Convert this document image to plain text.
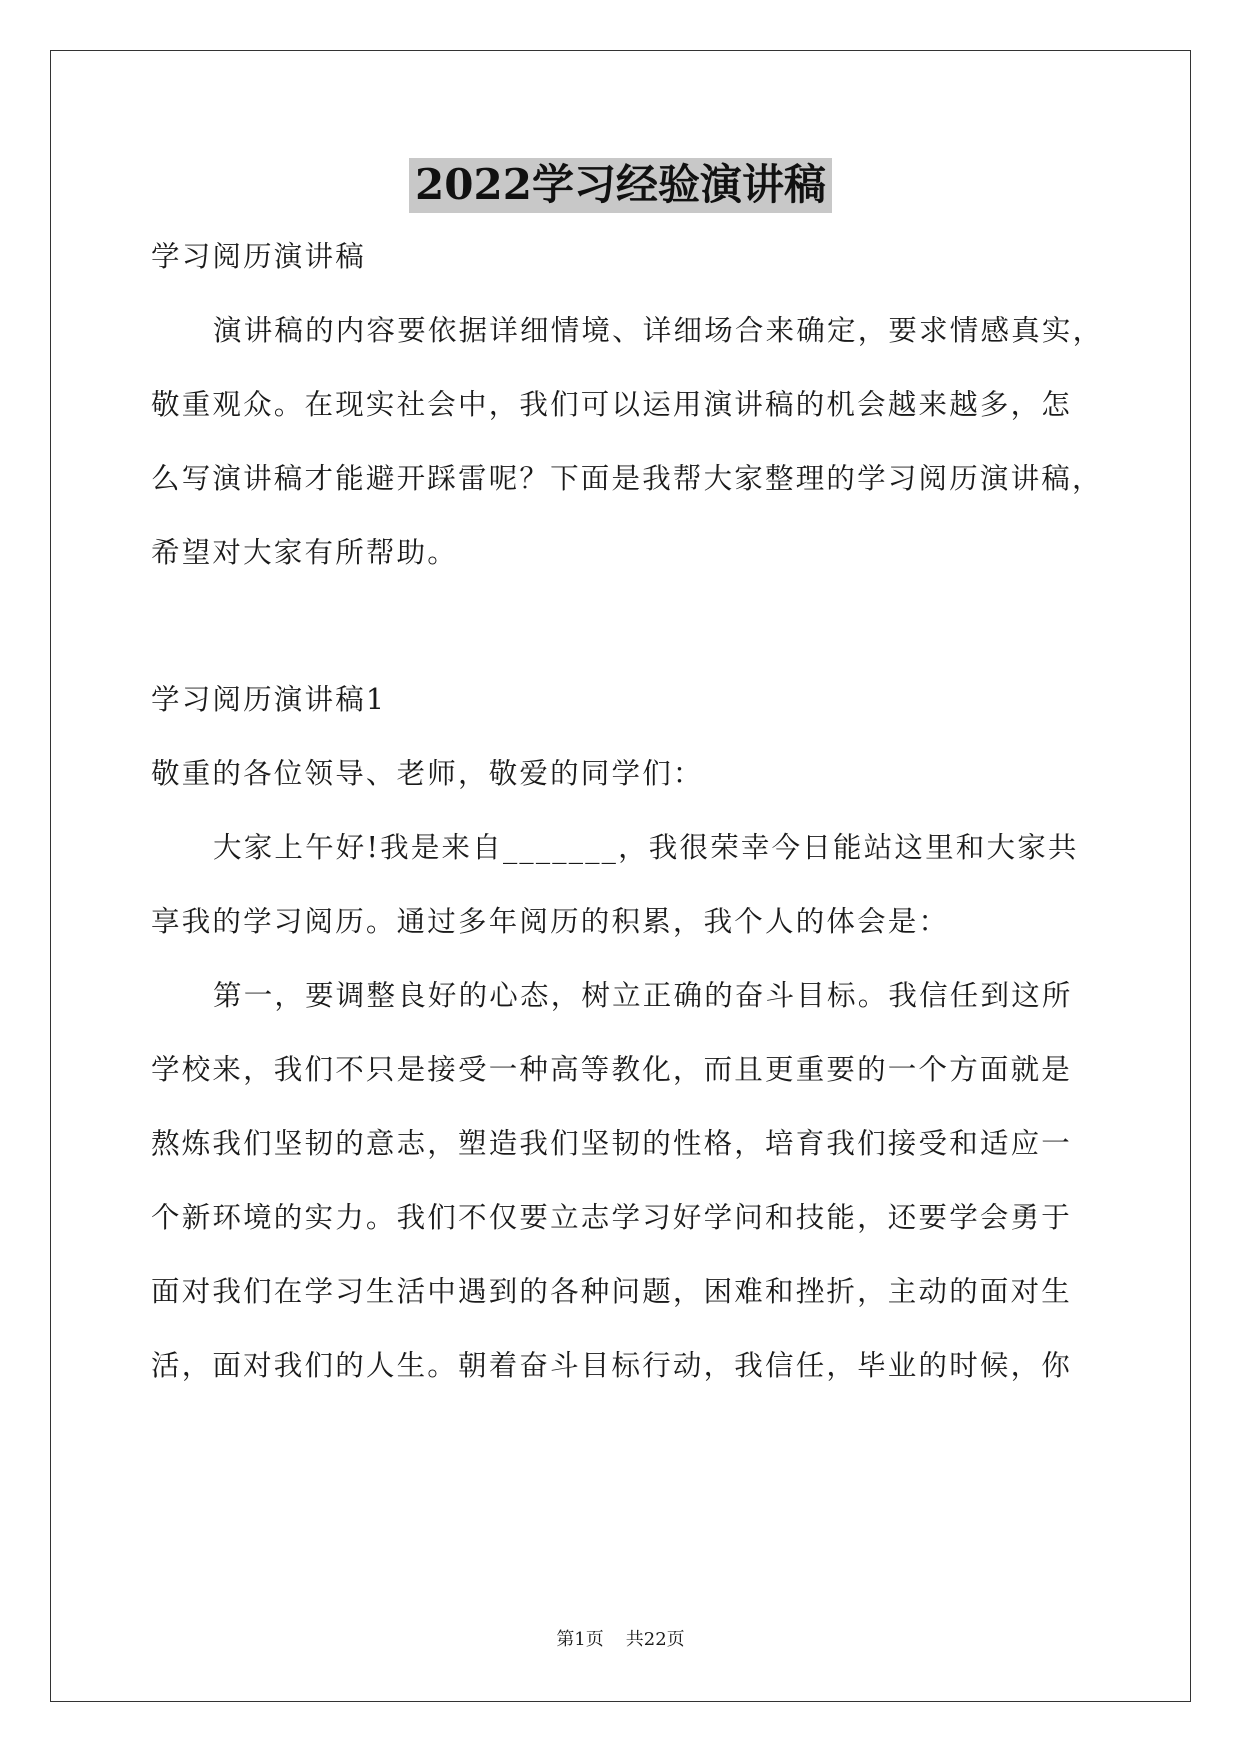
2022学习经验演讲稿
学习阅历演讲稿
演讲稿的内容要依据详细情境、详细场合来确定，要求情感真实，
敬重观众。在现实社会中，我们可以运用演讲稿的机会越来越多，怎
么写演讲稿才能避开踩雷呢？下面是我帮大家整理的学习阅历演讲稿，
希望对大家有所帮助。
学习阅历演讲稿1
敬重的各位领导、老师，敬爱的同学们：
大家上午好!我是来自_______，我很荣幸今日能站这里和大家共
享我的学习阅历。通过多年阅历的积累，我个人的体会是：
第一，要调整良好的心态，树立正确的奋斗目标。我信任到这所
学校来，我们不只是接受一种高等教化，而且更重要的一个方面就是
熬炼我们坚韧的意志，塑造我们坚韧的性格，培育我们接受和适应一
个新环境的实力。我们不仅要立志学习好学问和技能，还要学会勇于
面对我们在学习生活中遇到的各种问题，困难和挫折，主动的面对生
活，面对我们的人生。朝着奋斗目标行动，我信任，毕业的时候，你
第1页 共22页
